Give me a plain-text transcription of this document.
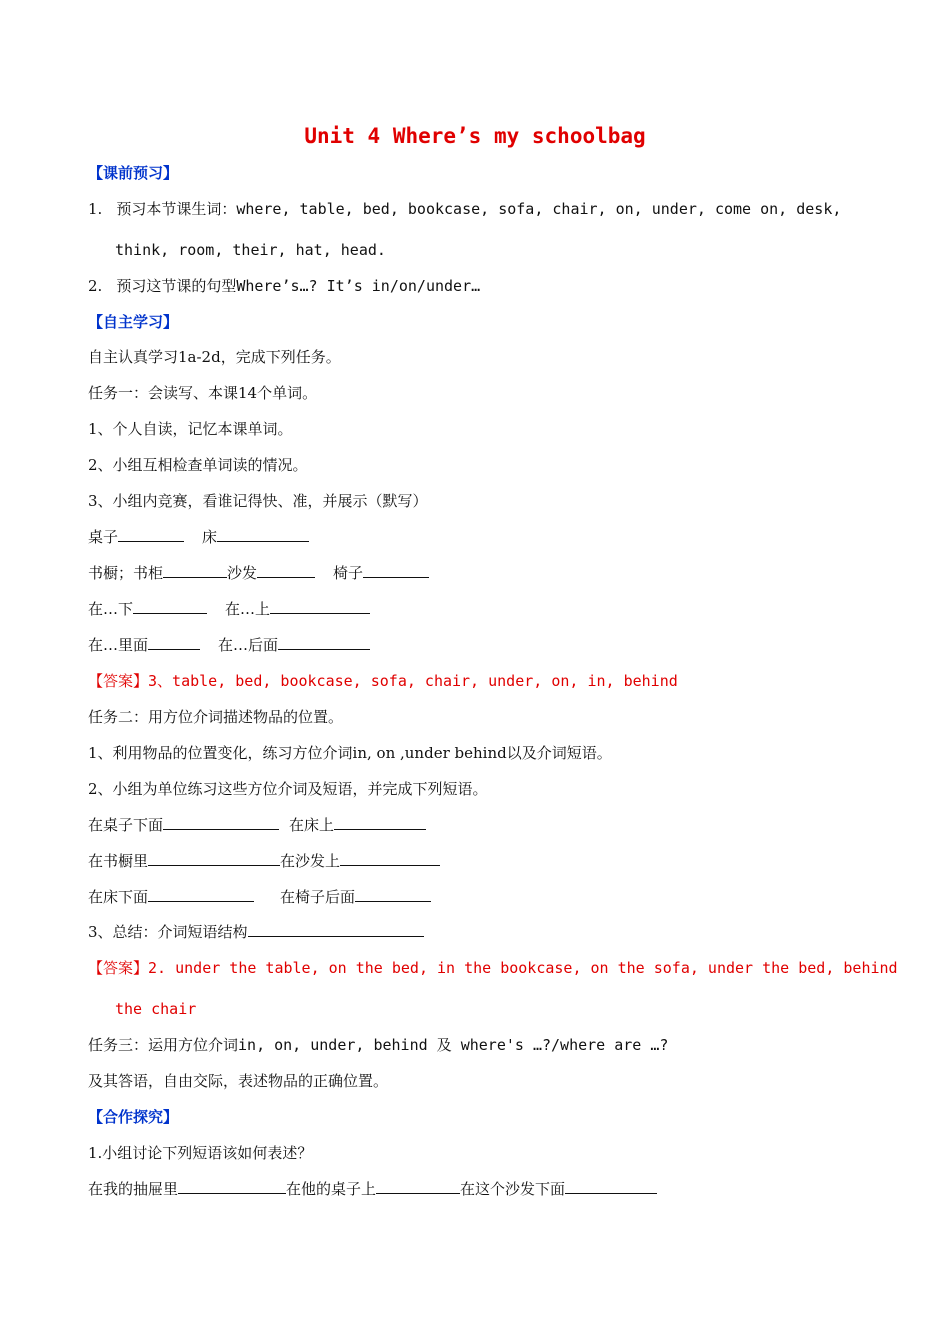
Unit 4 Where’s my schoolbag
【课前预习】
1. 预习本节课生词：where, table, bed, bookcase, sofa, chair, on, under, come on, desk,
think, room, their, hat, head.
2. 预习这节课的句型Where’s…? It’s in/on/under…
【自主学习】
自主认真学习1a-2d，完成下列任务。
任务一：会读写、本课14个单词。
1、个人自读，记忆本课单词。
2、小组互相检查单词读的情况。
3、小组内竞赛，看谁记得快、准，并展示（默写）
桌子	床
书橱；书柜	沙发	椅子
在…下	在…上
在…里面	在…后面
【答案】3、table, bed, bookcase, sofa, chair, under, on, in, behind
任务二：用方位介词描述物品的位置。
1、利用物品的位置变化，练习方位介词in, on ,under behind以及介词短语。
2、小组为单位练习这些方位介词及短语，并完成下列短语。
在桌子下面	在床上
在书橱里	在沙发上
在床下面	在椅子后面
3、总结：介词短语结构
【答案】2. under the table, on the bed, in the bookcase, on the sofa, under the bed, behind
the chair
任务三：运用方位介词in, on, under, behind 及 where's …?/where are …?
及其答语，自由交际，表述物品的正确位置。
【合作探究】
1.小组讨论下列短语该如何表述？
在我的抽屉里	在他的桌子上	在这个沙发下面
